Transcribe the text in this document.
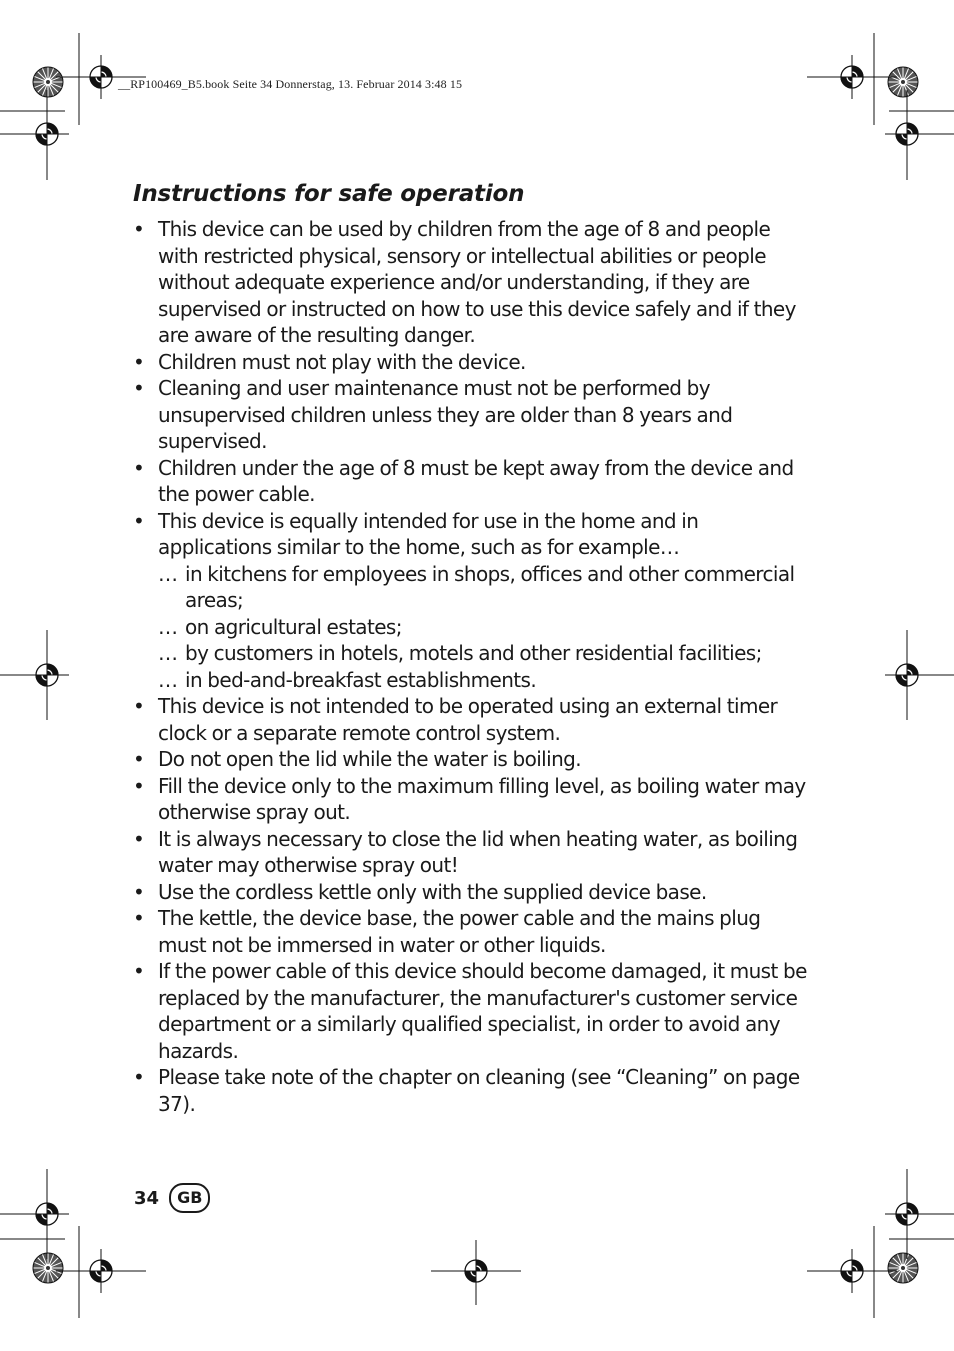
__RP100469_B5.book Seite 34 Donnerstag, 13. Februar 2014 3:48 15
Instructions for safe operation
• This device can be used by children from the age of 8 and people with restricted physical, sensory or intellectual abilities or people without adequate experience and/or understanding, if they are supervised or instructed on how to use this device safely and if they are aware of the resulting danger.
• Children must not play with the device.
• Cleaning and user maintenance must not be performed by unsupervised children unless they are older than 8 years and supervised.
• Children under the age of 8 must be kept away from the device and the power cable.
• This device is equally intended for use in the home and in applications similar to the home, such as for example…
… in kitchens for employees in shops, offices and other commercial areas;
… on agricultural estates;
… by customers in hotels, motels and other residential facilities;
… in bed-and-breakfast establishments.
• This device is not intended to be operated using an external timer clock or a separate remote control system.
• Do not open the lid while the water is boiling.
• Fill the device only to the maximum filling level, as boiling water may otherwise spray out.
• It is always necessary to close the lid when heating water, as boiling water may otherwise spray out!
• Use the cordless kettle only with the supplied device base.
• The kettle, the device base, the power cable and the mains plug must not be immersed in water or other liquids.
• If the power cable of this device should become damaged, it must be replaced by the manufacturer, the manufacturer's customer service department or a similarly qualified specialist, in order to avoid any hazards.
• Please take note of the chapter on cleaning (see “Cleaning” on page 37).
34	GB
